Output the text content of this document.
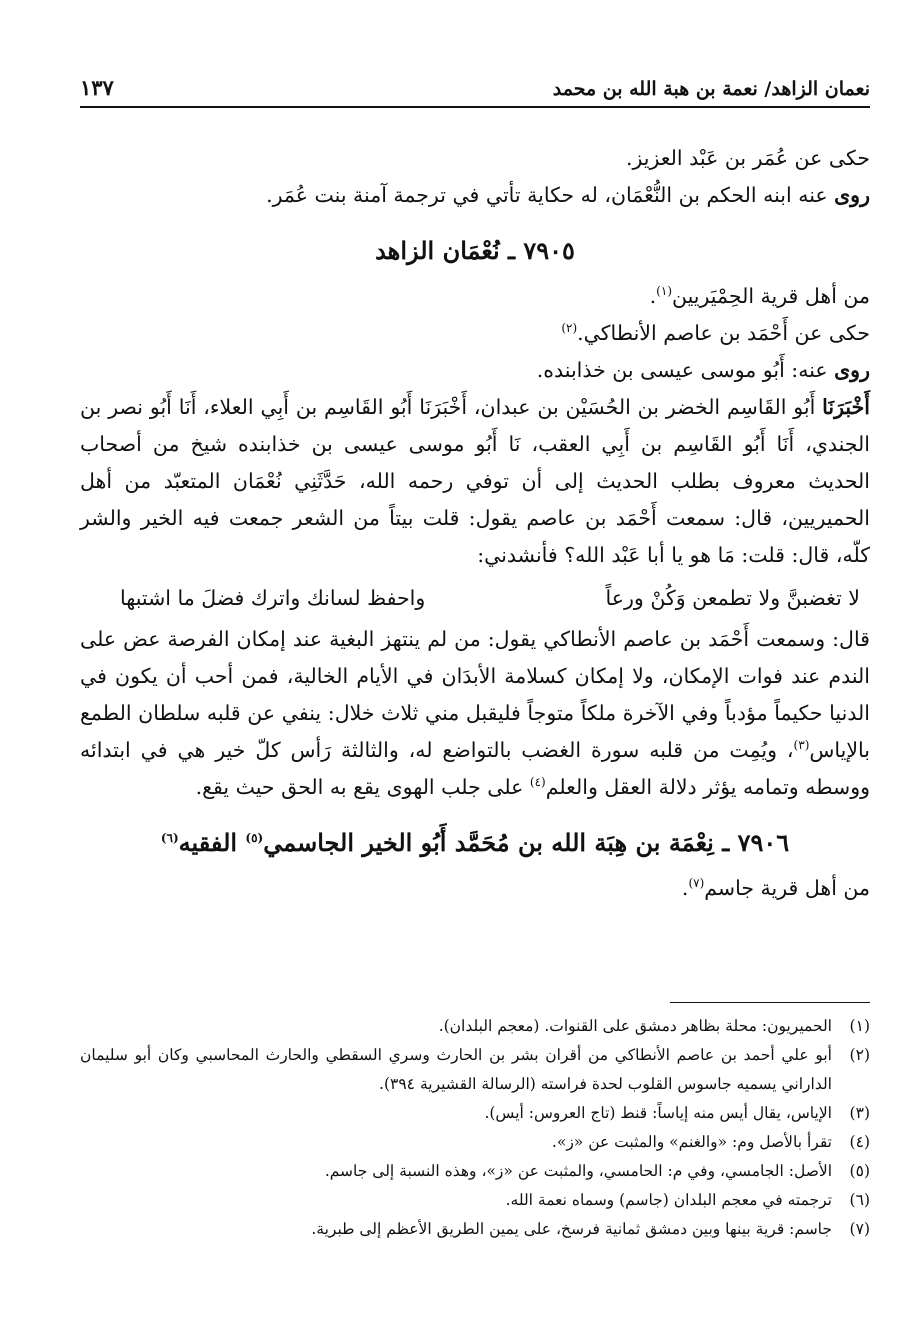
نعمان الزاهد/ نعمة بن هبة الله بن محمد
١٣٧

حكى عن عُمَر بن عَبْد العزيز.

روى عنه ابنه الحكم بن النُّعْمَان، له حكاية تأتي في ترجمة آمنة بنت عُمَر.

٧٩٠٥ ـ نُعْمَان الزاهد

من أهل قرية الحِمْيَريين$^{(١)}$.

حكى عن أَحْمَد بن عاصم الأنطاكي.$^{(٢)}$

روى عنه: أَبُو موسى عيسى بن خذابنده.

أَخْبَرَنَا أَبُو القَاسِم الخضر بن الحُسَيْن بن عبدان، أَخْبَرَنَا أَبُو القَاسِم بن أَبِي العلاء، أَنَا أَبُو نصر بن الجندي، أَنَا أَبُو القَاسِم بن أَبِي العقب، نَا أَبُو موسى عيسى بن خذابنده شيخ من أصحاب الحديث معروف بطلب الحديث إلى أن توفي رحمه الله، حَدَّثَنِي نُعْمَان المتعبّد من أهل الحميريين، قال: سمعت أَحْمَد بن عاصم يقول: قلت بيتاً من الشعر جمعت فيه الخير والشر كلّه، قال: قلت: مَا هو يا أبا عَبْد الله؟ فأنشدني:

لا تغضبنَّ ولا تطمعن وَكُنْ ورعاً
واحفظ لسانك واترك فضلَ ما اشتبها

قال: وسمعت أَحْمَد بن عاصم الأنطاكي يقول: من لم ينتهز البغية عند إمكان الفرصة عض على الندم عند فوات الإمكان، ولا إمكان كسلامة الأبدَان في الأيام الخالية، فمن أحب أن يكون في الدنيا حكيماً مؤدباً وفي الآخرة ملكاً متوجاً فليقبل مني ثلاث خلال: ينفي عن قلبه سلطان الطمع بالإياس$^{(٣)}$، ويُمِت من قلبه سورة الغضب بالتواضع له، والثالثة رَأس كلّ خير هي في ابتدائه ووسطه وتمامه يؤثر دلالة العقل والعلم$^{(٤)}$ على جلب الهوى يقع به الحق حيث يقع.

٧٩٠٦ ـ نِعْمَة بن هِبَة الله بن مُحَمَّد أَبُو الخير الجاسمي$^{(٥)}$ الفقيه$^{(٦)}$

من أهل قرية جاسم$^{(٧)}$.

(١)
الحميريون: محلة بظاهر دمشق على القنوات. (معجم البلدان).

(٢)
أبو علي أحمد بن عاصم الأنطاكي من أقران بشر بن الحارث وسري السقطي والحارث المحاسبي وكان أبو سليمان الداراني يسميه جاسوس القلوب لحدة فراسته (الرسالة القشيرية ٣٩٤).

(٣)
الإياس، يقال أيس منه إياساً: قنط (تاج العروس: أيس).

(٤)
تقرأ بالأصل وم: «والغنم» والمثبت عن «ز».

(٥)
الأصل: الجامسي، وفي م: الحامسي، والمثبت عن «ز»، وهذه النسبة إلى جاسم.

(٦)
ترجمته في معجم البلدان (جاسم) وسماه نعمة الله.

(٧)
جاسم: قرية بينها وبين دمشق ثمانية فرسخ، على يمين الطريق الأعظم إلى طبرية.
